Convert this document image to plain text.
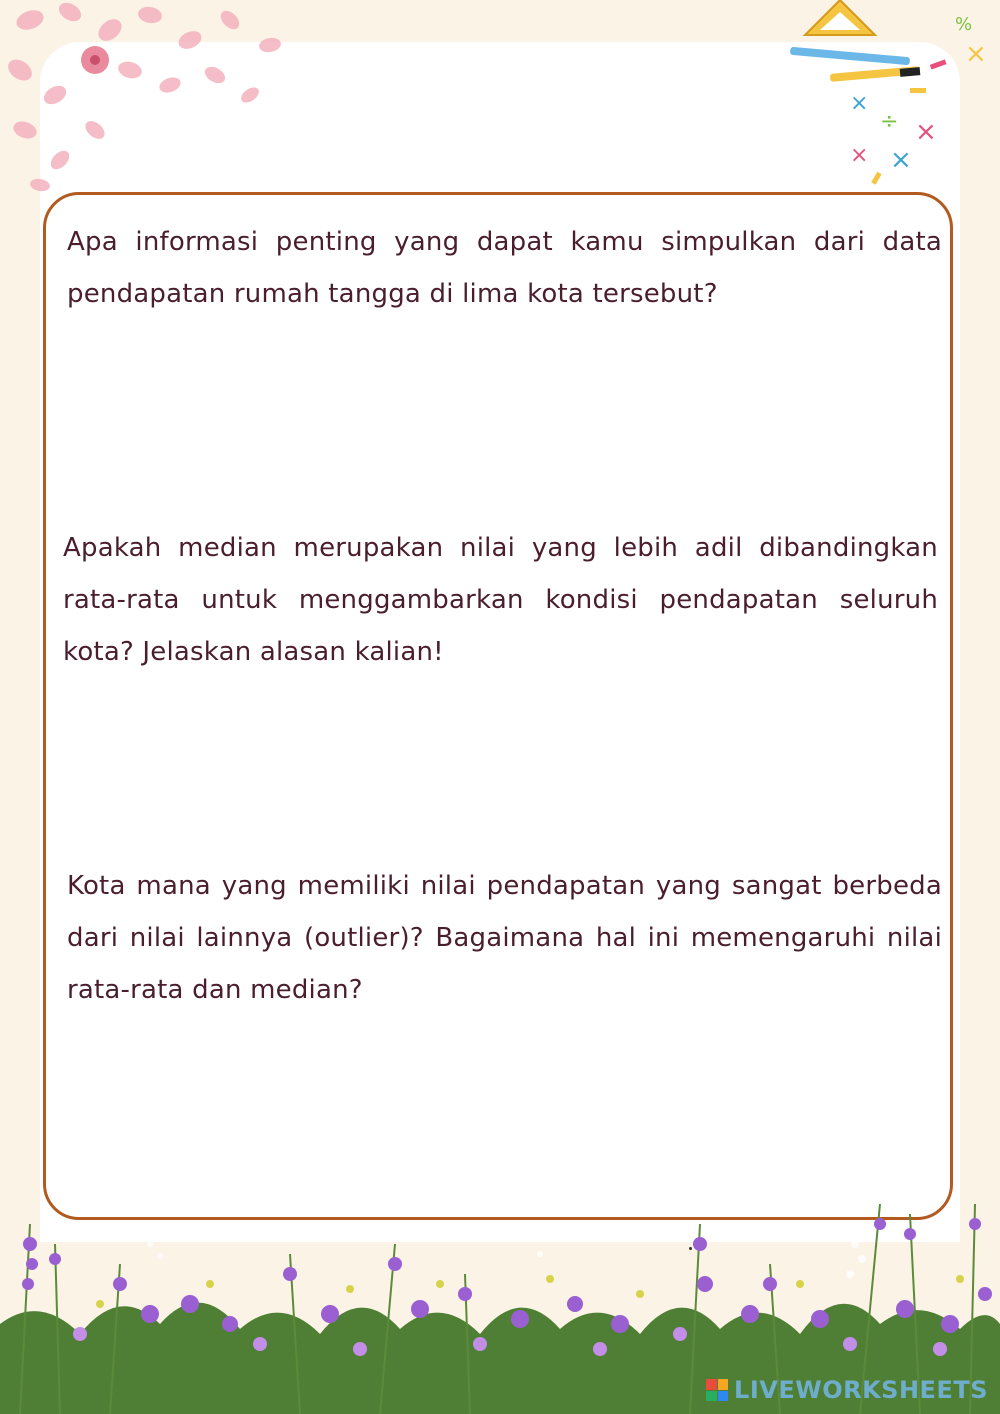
×
÷ ×
× ×
%
×

Apa informasi penting yang dapat kamu simpulkan dari data pendapatan rumah tangga di lima kota tersebut?

Apakah median merupakan nilai yang lebih adil dibandingkan rata-rata untuk menggambarkan kondisi pendapatan seluruh kota? Jelaskan alasan kalian!

Kota mana yang memiliki nilai pendapatan yang sangat berbeda dari nilai lainnya (outlier)? Bagaimana hal ini memengaruhi nilai rata-rata dan median?

LIVEWORKSHEETS
